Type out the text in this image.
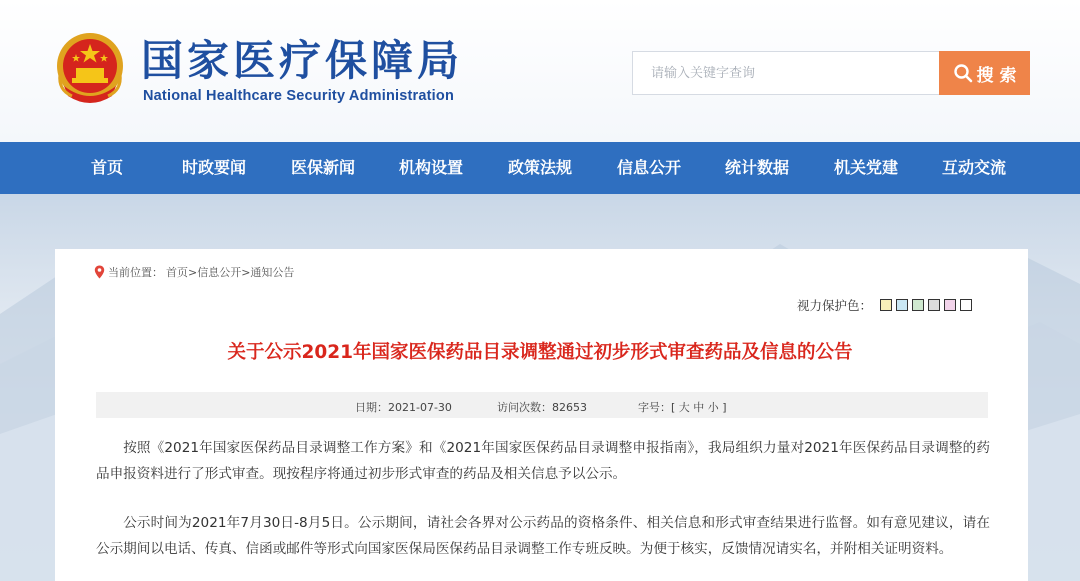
国家医疗保障局
National Healthcare Security Administration
请输入关键字查询	搜 索
首页	时政要闻	医保新闻	机构设置	政策法规	信息公开	统计数据	机关党建	互动交流
当前位置： 首页>信息公开>通知公告
视力保护色：
关于公示2021年国家医保药品目录调整通过初步形式审查药品及信息的公告
日期：2021-07-30	访问次数：82653	字号：[ 大 中 小 ]
按照《2021年国家医保药品目录调整工作方案》和《2021年国家医保药品目录调整申报指南》，我局组织力量对2021年医保药品目录调整的药品申报资料进行了形式审查。现按程序将通过初步形式审查的药品及相关信息予以公示。
公示时间为2021年7月30日-8月5日。公示期间，请社会各界对公示药品的资格条件、相关信息和形式审查结果进行监督。如有意见建议，请在公示期间以电话、传真、信函或邮件等形式向国家医保局医保药品目录调整工作专班反映。为便于核实，反馈情况请实名，并附相关证明资料。
